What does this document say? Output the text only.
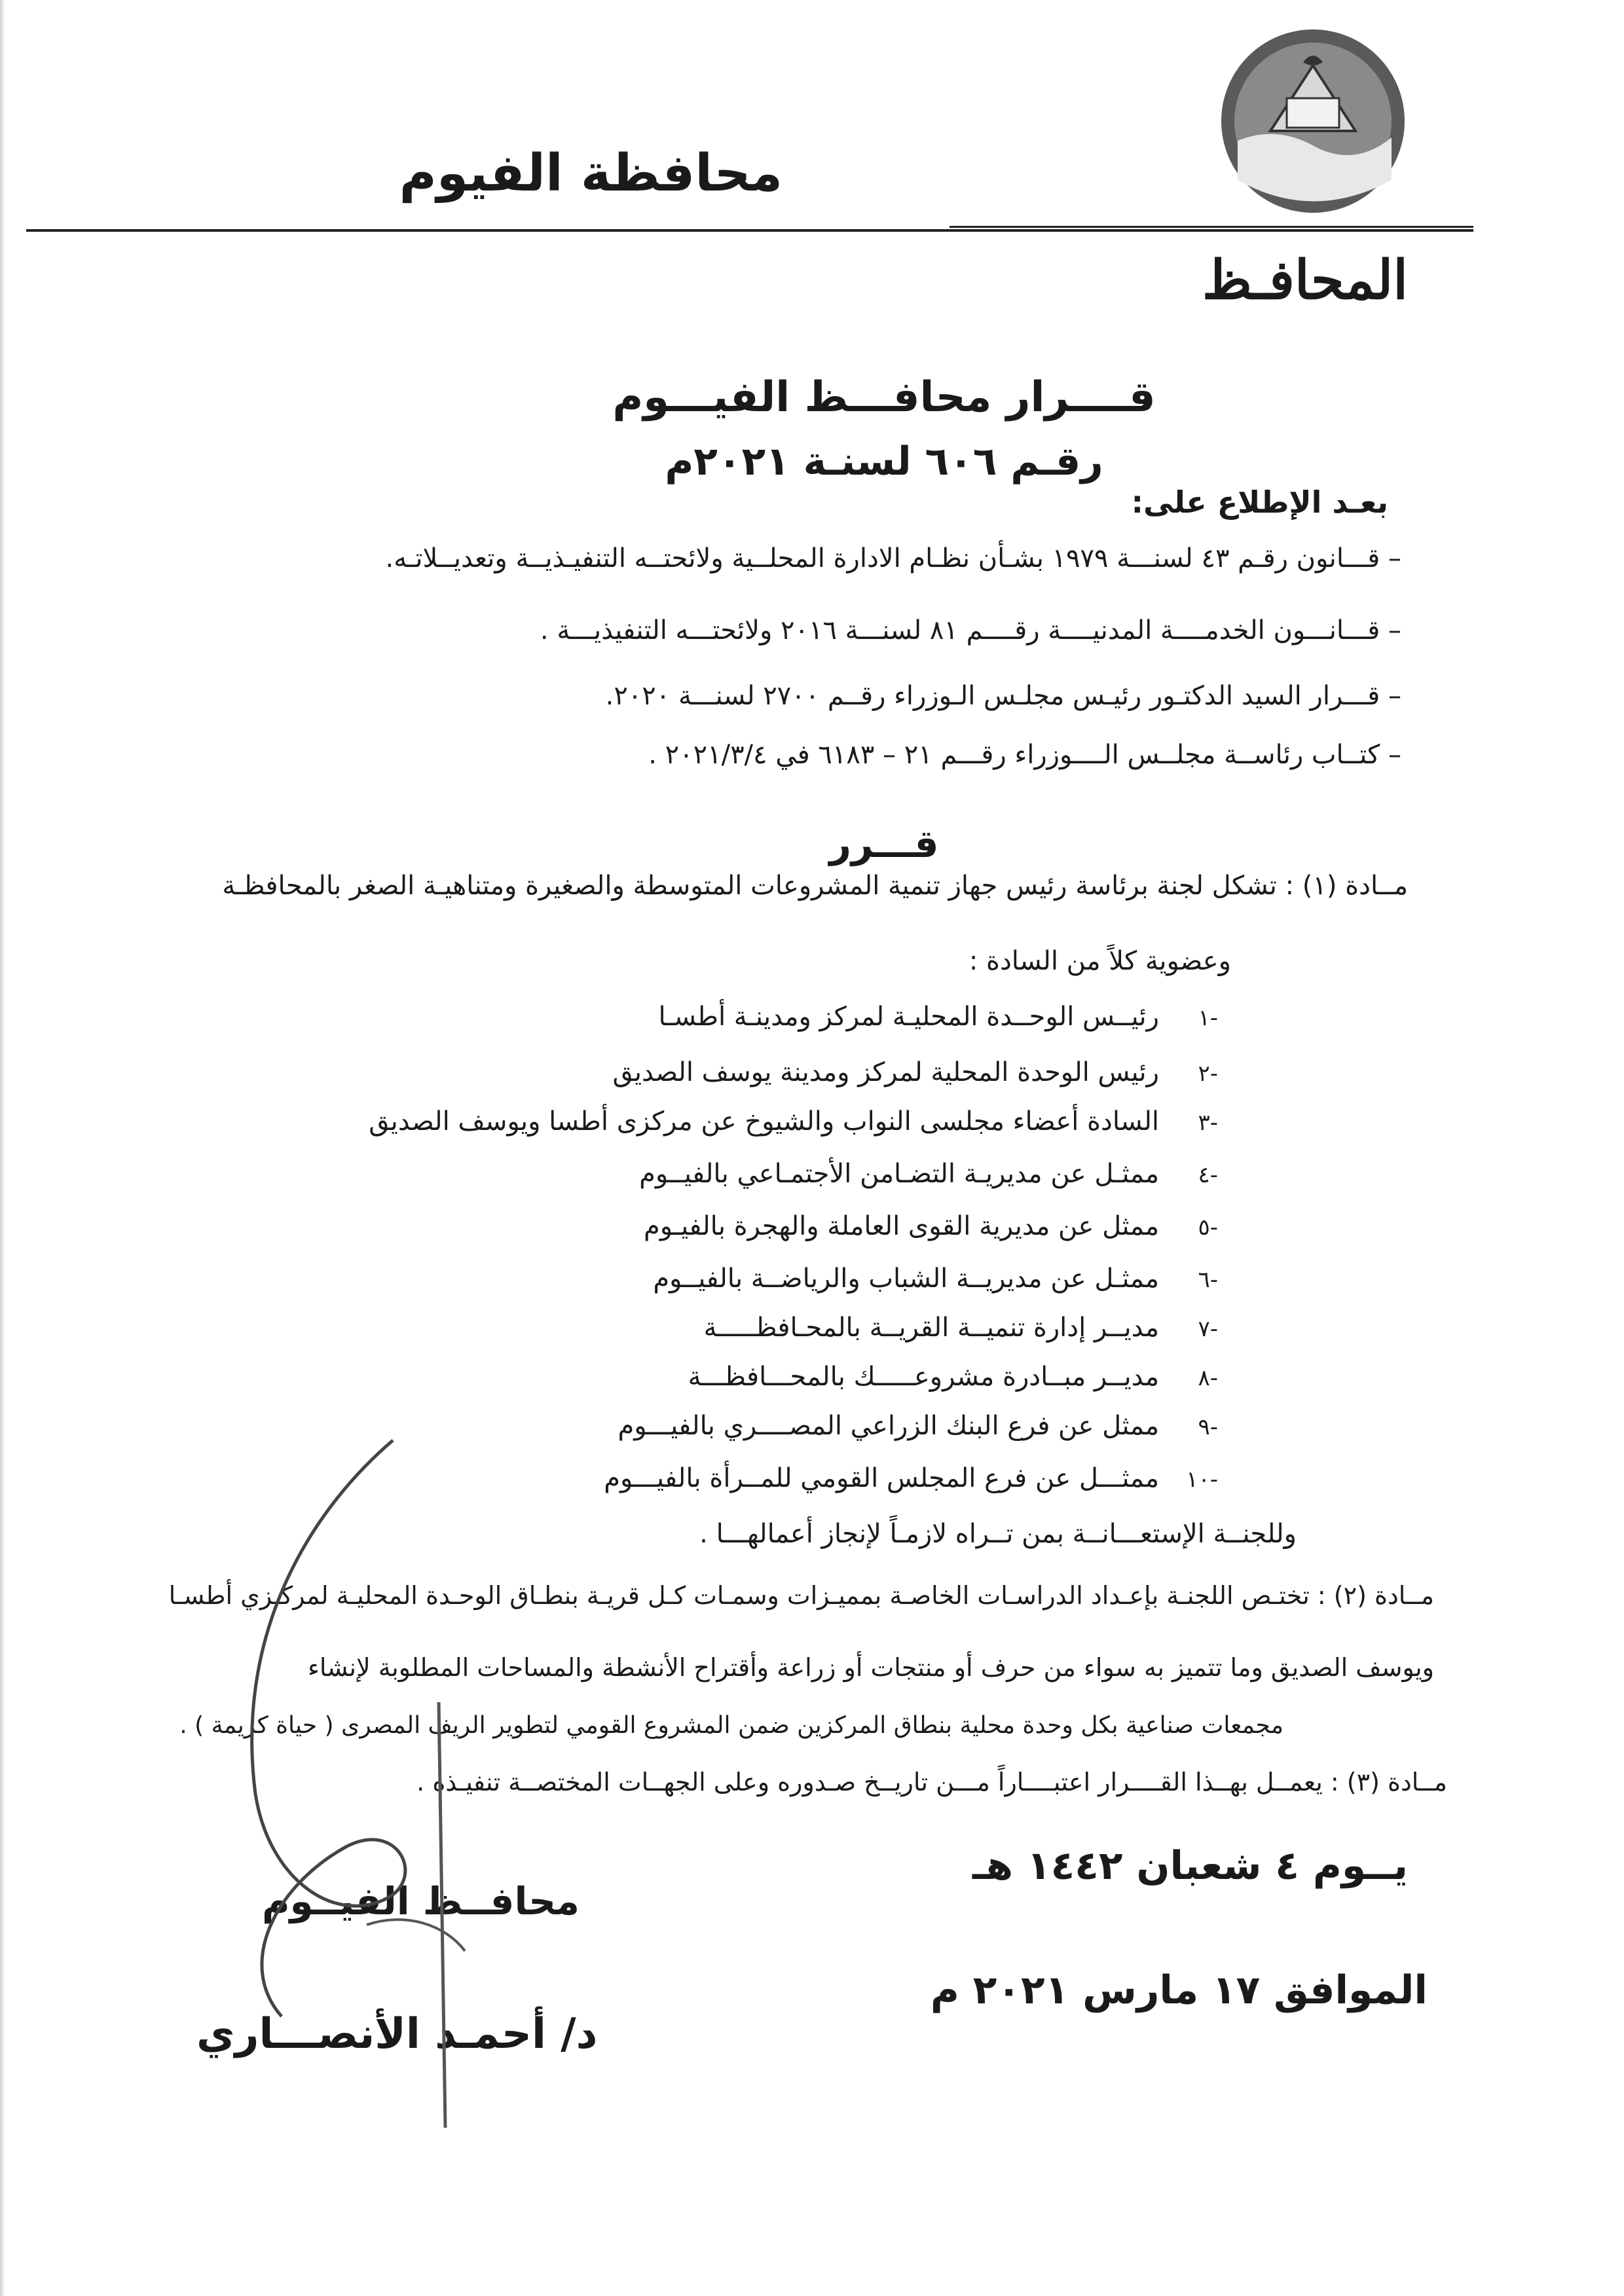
محافظة الفيوم
المحافـظ
قــــرار محافـــظ الفيـــوم
رقـم ٦٠٦ لسنـة ٢٠٢١م
بعـد الإطلاع على:
– قـــانون رقـم ٤٣ لسنـــة ١٩٧٩ بشـأن نظـام الادارة المحلــية ولائحتــه التنفيـذيــة وتعديــلاتـه.
– قـــانـــون الخدمــــة المدنيــــة رقــــم ٨١ لسنـــة ٢٠١٦ ولائحتـــه التنفيذيـــة .
– قـــرار السيد الدكتـور رئيـس مجلـس الـوزراء رقــم ٢٧٠٠ لسنـــة ٢٠٢٠.
– كتــاب رئاســة مجلــس الــــوزراء رقـــم ٢١ – ٦١٨٣ في ٢٠٢١/٣/٤ .
قـــرر
مــادة (١) : تشكل لجنة برئاسة رئيس جهاز تنمية المشروعات المتوسطة والصغيرة ومتناهيـة الصغر بالمحافظـة
وعضوية كلاً من السادة :
-١رئيــس الوحــدة المحليـة لمركز ومدينـة أطسـا
-٢رئيس الوحدة المحلية لمركز ومدينة يوسف الصديق
-٣السادة أعضاء مجلسى النواب والشيوخ عن مركزى أطسا ويوسف الصديق
-٤ممثـل عن مديريـة التضـامن الأجتمـاعي بالفيــوم
-٥ممثل عن مديرية القوى العاملة والهجرة بالفيـوم
-٦ممثـل عن مديريــة الشباب والرياضــة بالفيــوم
-٧مديــر إدارة تنميــة القريــة بالمحـافظـــــة
-٨مديــر مبــادرة مشروعـــــك بالمحـــافظـــة
-٩ممثل عن فرع البنك الزراعي المصــــري بالفيـــوم
-١٠ممثـــل عن فرع المجلس القومي للمــرأة بالفيـــوم
وللجنــة الإستعـــانــة بمن تــراه لازمـاً لإنجاز أعمالهـــا .
مــادة (٢) : تختـص اللجنـة بإعـداد الدراسـات الخاصـة بمميـزات وسمـات كـل قريـة بنطـاق الوحـدة المحليـة لمركـزي أطسـا
ويوسف الصديق وما تتميز به سواء من حرف أو منتجات أو زراعة وأقتراح الأنشطة والمساحات المطلوبة لإنشاء
مجمعات صناعية بكل وحدة محلية بنطاق المركزين ضمن المشروع القومي لتطوير الريف المصرى ( حياة كريمة ) .
مــادة (٣) : يعمــل بهــذا القــــرار اعتبــــاراً مـــن تاريــخ صـدوره وعلى الجهــات المختصــة تنفيـذه .
يــوم ٤ شعبان ١٤٤٢ هـ
الموافق ١٧ مارس ٢٠٢١ م
محافــظ الفيــوم
د/ أحمـد الأنصـــاري
